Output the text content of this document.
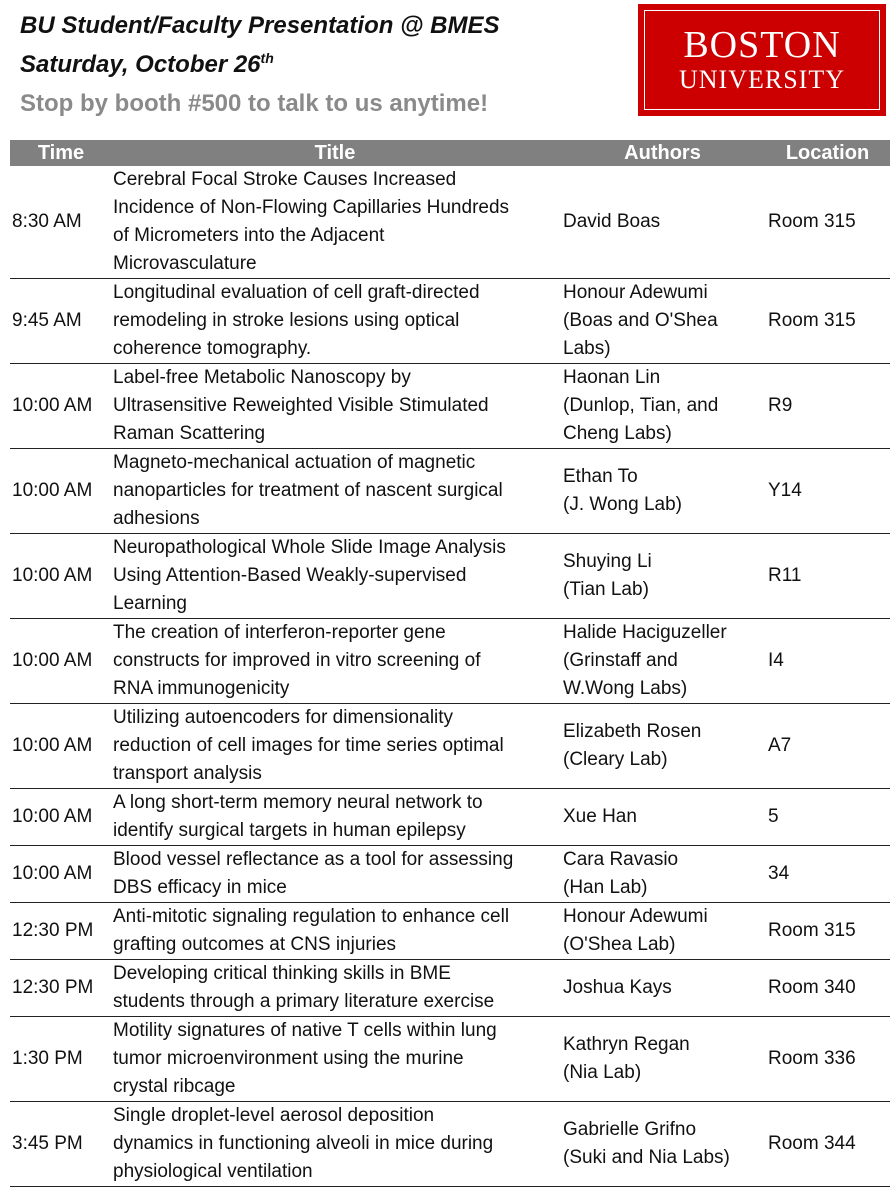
BU Student/Faculty Presentation @ BMES
Saturday, October 26th
Stop by booth #500 to talk to us anytime!
BOSTON
UNIVERSITY
Time	Title	Authors	Location
8:30 AM	Cerebral Focal Stroke Causes Increased
Incidence of Non-Flowing Capillaries Hundreds
of Micrometers into the Adjacent
Microvasculature	David Boas	Room 315
9:45 AM	Longitudinal evaluation of cell graft-directed
remodeling in stroke lesions using optical
coherence tomography.	Honour Adewumi
(Boas and O'Shea
Labs)	Room 315
10:00 AM	Label-free Metabolic Nanoscopy by
Ultrasensitive Reweighted Visible Stimulated
Raman Scattering	Haonan Lin
(Dunlop, Tian, and
Cheng Labs)	R9
10:00 AM	Magneto-mechanical actuation of magnetic
nanoparticles for treatment of nascent surgical
adhesions	Ethan To
(J. Wong Lab)	Y14
10:00 AM	Neuropathological Whole Slide Image Analysis
Using Attention-Based Weakly-supervised
Learning	Shuying Li
(Tian Lab)	R11
10:00 AM	The creation of interferon-reporter gene
constructs for improved in vitro screening of
RNA immunogenicity	Halide Haciguzeller
(Grinstaff and
W.Wong Labs)	I4
10:00 AM	Utilizing autoencoders for dimensionality
reduction of cell images for time series optimal
transport analysis	Elizabeth Rosen
(Cleary Lab)	A7
10:00 AM	A long short-term memory neural network to
identify surgical targets in human epilepsy	Xue Han	5
10:00 AM	Blood vessel reflectance as a tool for assessing
DBS efficacy in mice	Cara Ravasio
(Han Lab)	34
12:30 PM	Anti-mitotic signaling regulation to enhance cell
grafting outcomes at CNS injuries	Honour Adewumi
(O'Shea Lab)	Room 315
12:30 PM	Developing critical thinking skills in BME
students through a primary literature exercise	Joshua Kays	Room 340
1:30 PM	Motility signatures of native T cells within lung
tumor microenvironment using the murine
crystal ribcage	Kathryn Regan
(Nia Lab)	Room 336
3:45 PM	Single droplet-level aerosol deposition
dynamics in functioning alveoli in mice during
physiological ventilation	Gabrielle Grifno
(Suki and Nia Labs)	Room 344
